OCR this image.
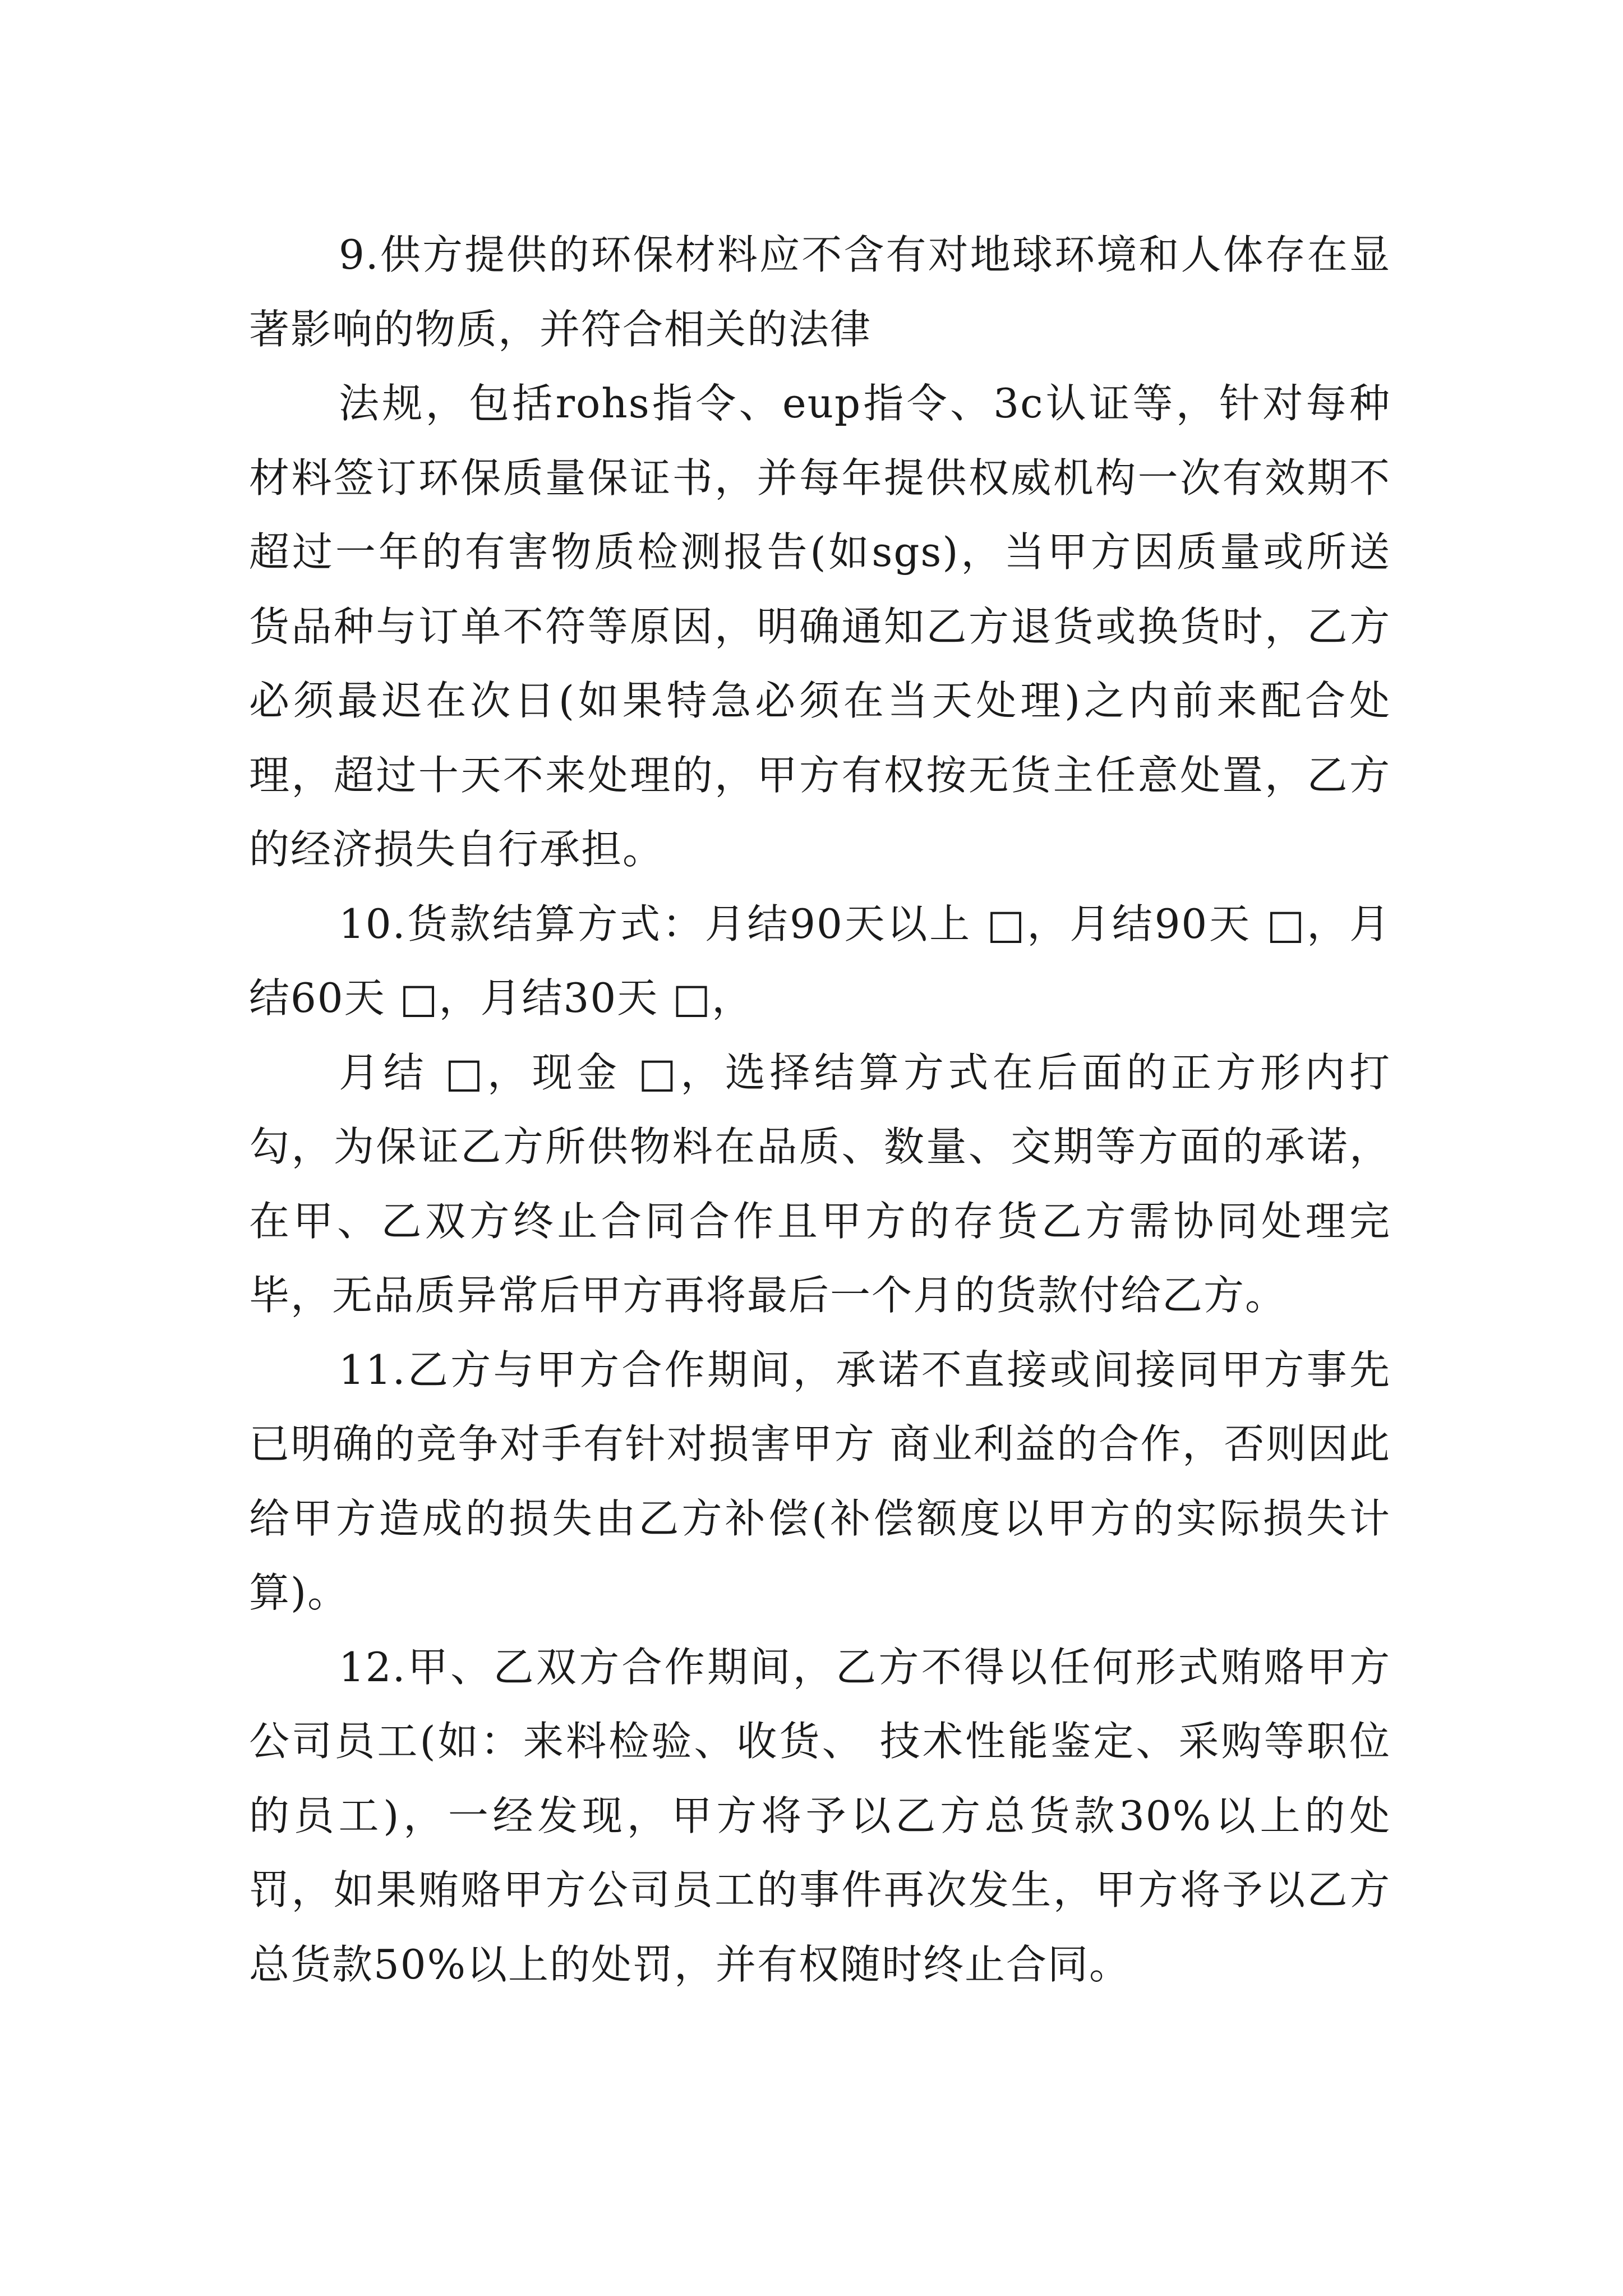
9.供方提供的环保材料应不含有对地球环境和人体存在显著影响的物质，并符合相关的法律

法规，包括rohs指令、eup指令、3c认证等，针对每种材料签订环保质量保证书，并每年提供权威机构一次有效期不超过一年的有害物质检测报告(如sgs)，当甲方因质量或所送货品种与订单不符等原因，明确通知乙方退货或换货时，乙方必须最迟在次日(如果特急必须在当天处理)之内前来配合处理，超过十天不来处理的，甲方有权按无货主任意处置，乙方的经济损失自行承担。

10.货款结算方式：月结90天以上 □，月结90天 □，月结60天 □，月结30天 □，

月结 □，现金 □，选择结算方式在后面的正方形内打勾，为保证乙方所供物料在品质、数量、交期等方面的承诺，在甲、乙双方终止合同合作且甲方的存货乙方需协同处理完毕，无品质异常后甲方再将最后一个月的货款付给乙方。

11.乙方与甲方合作期间，承诺不直接或间接同甲方事先已明确的竞争对手有针对损害甲方 商业利益的合作，否则因此给甲方造成的损失由乙方补偿(补偿额度以甲方的实际损失计算)。

12.甲、乙双方合作期间，乙方不得以任何形式贿赂甲方公司员工(如：来料检验、收货、 技术性能鉴定、采购等职位的员工)，一经发现，甲方将予以乙方总货款30%以上的处罚，如果贿赂甲方公司员工的事件再次发生，甲方将予以乙方总货款50%以上的处罚，并有权随时终止合同。
